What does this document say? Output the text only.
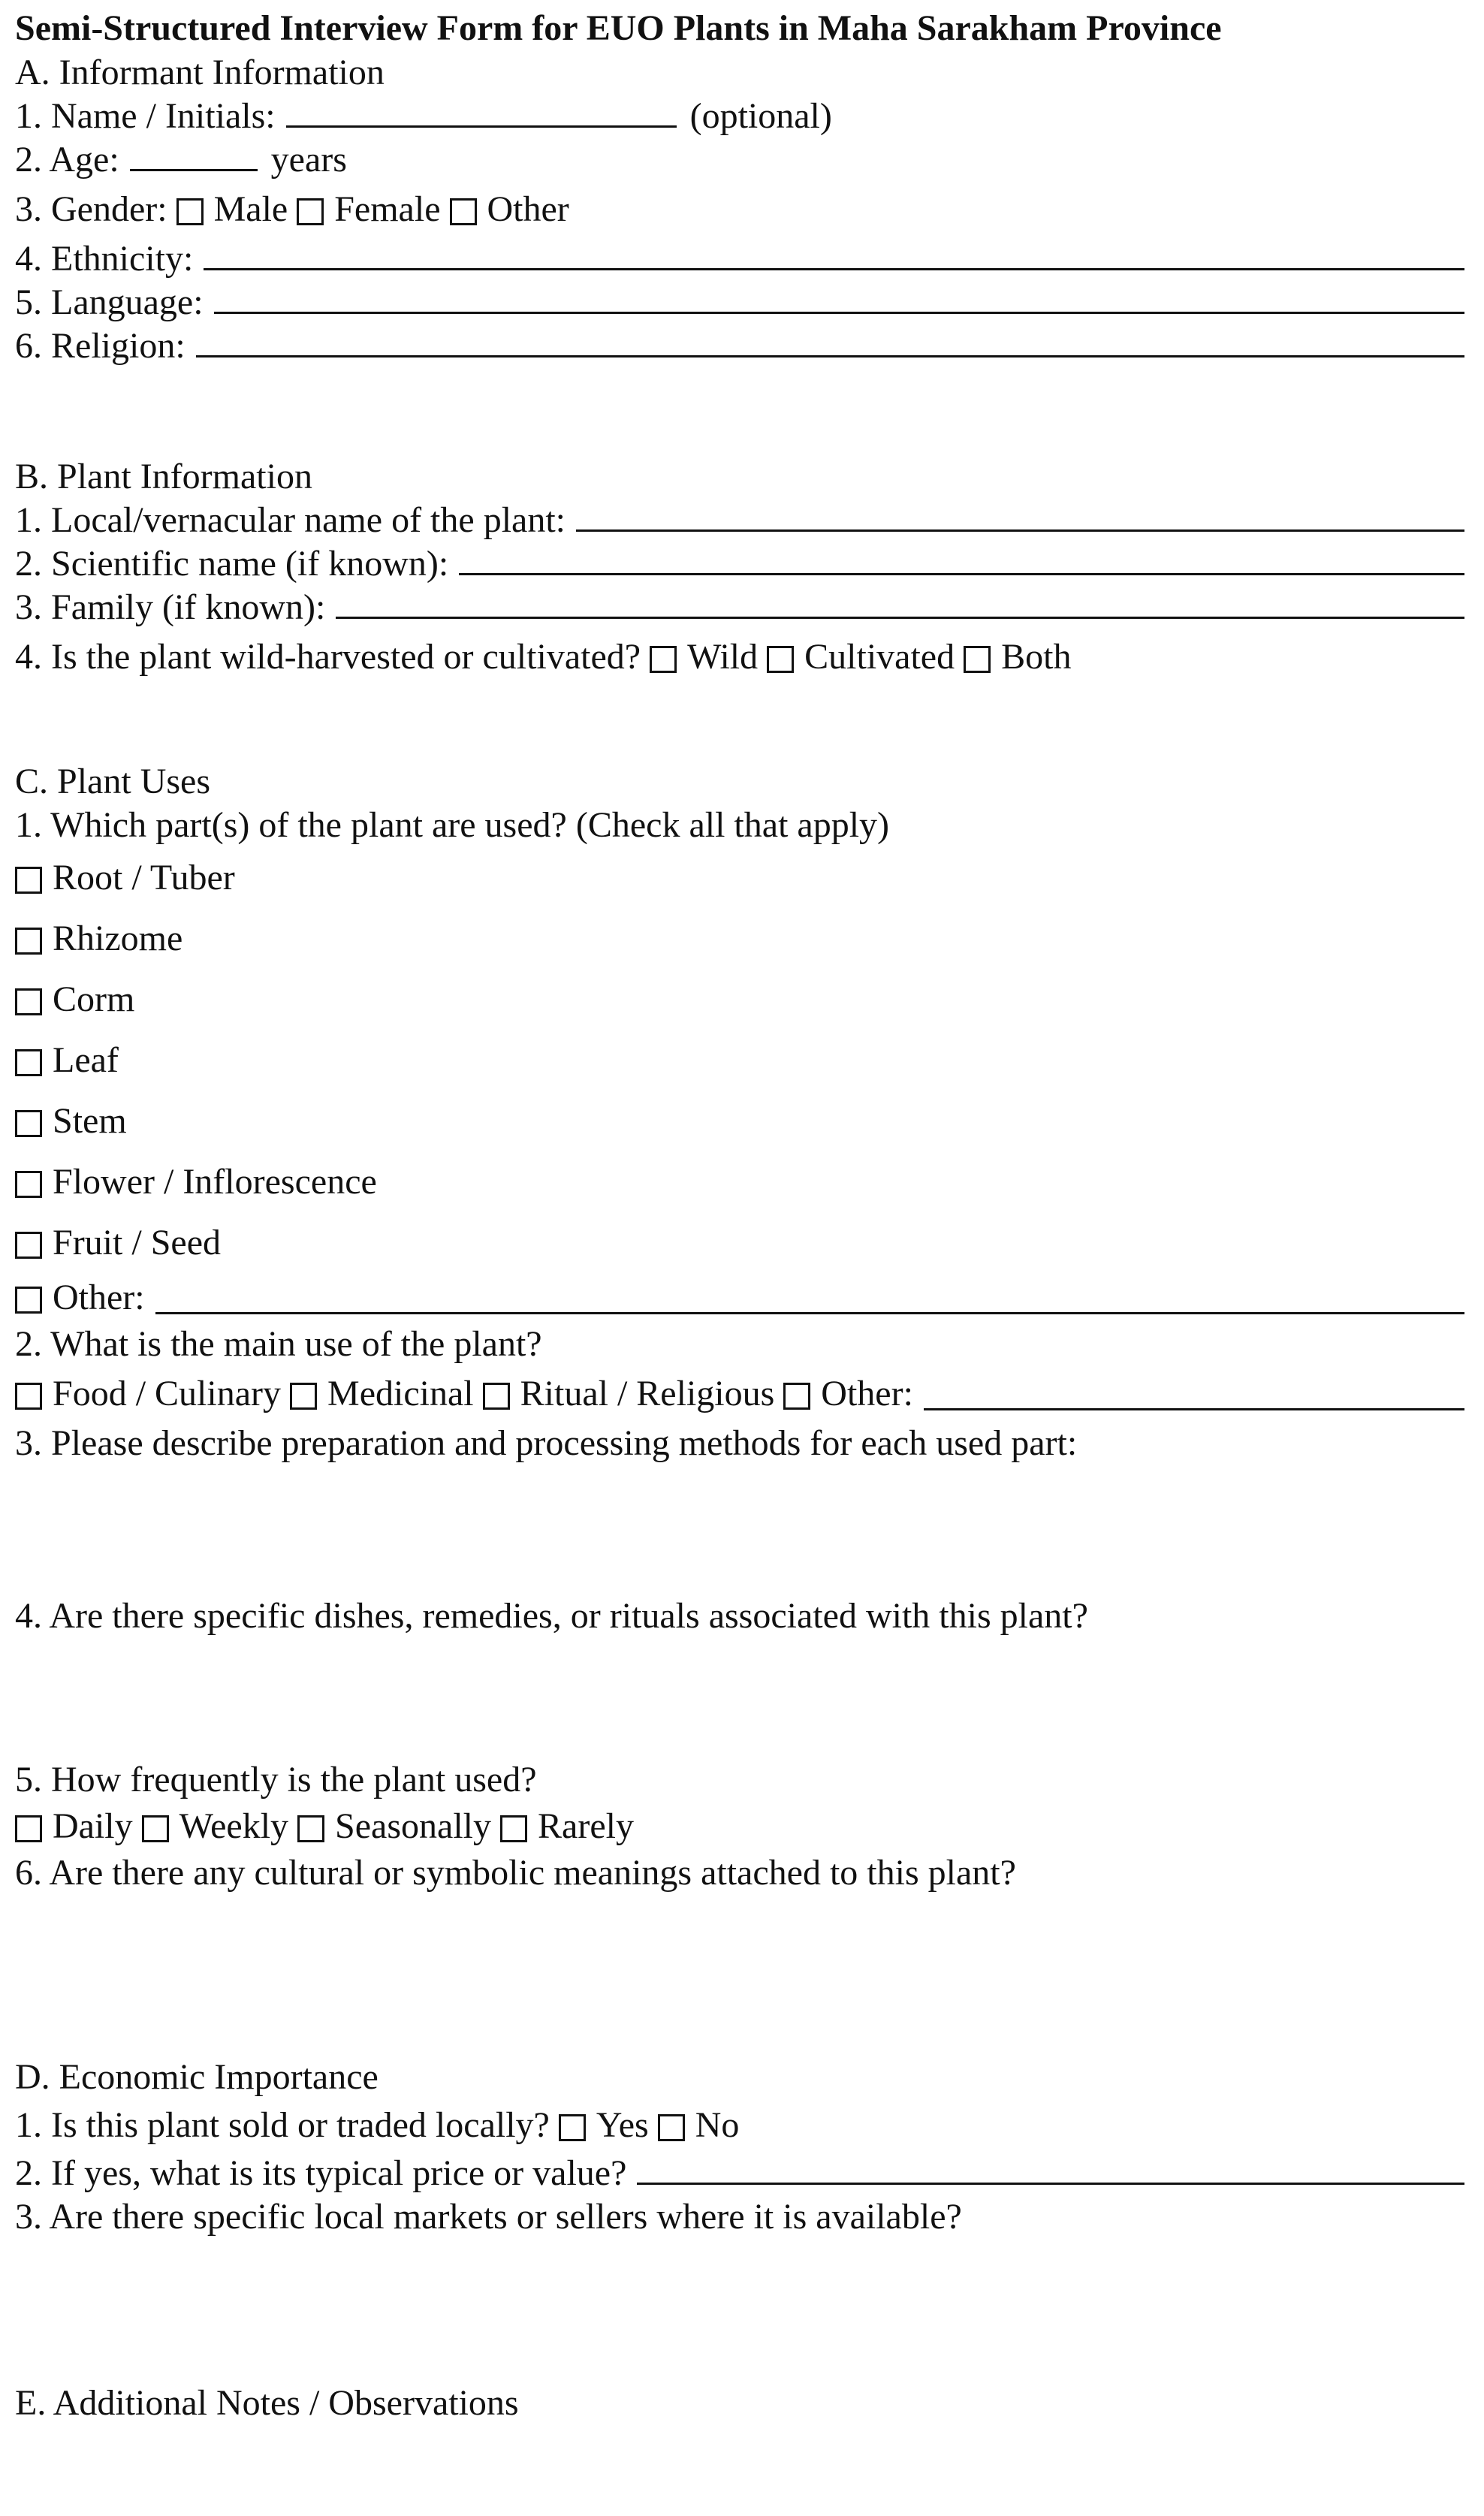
Semi-Structured Interview Form for EUO Plants in Maha Sarakham Province
A. Informant Information
1. Name / Initials:	(optional)
2. Age:	years
3. Gender: Male Female Other
4. Ethnicity:
5. Language:
6. Religion:
B. Plant Information
1. Local/vernacular name of the plant:
2. Scientific name (if known):
3. Family (if known):
4. Is the plant wild-harvested or cultivated? Wild Cultivated Both
C. Plant Uses
1. Which part(s) of the plant are used? (Check all that apply)
Root / Tuber
Rhizome
Corm
Leaf
Stem
Flower / Inflorescence
Fruit / Seed
Other:
2. What is the main use of the plant?
Food / Culinary Medicinal Ritual / Religious Other:
3. Please describe preparation and processing methods for each used part:
4. Are there specific dishes, remedies, or rituals associated with this plant?
5. How frequently is the plant used?
Daily Weekly Seasonally Rarely
6. Are there any cultural or symbolic meanings attached to this plant?
D. Economic Importance
1. Is this plant sold or traded locally? Yes No
2. If yes, what is its typical price or value?
3. Are there specific local markets or sellers where it is available?
E. Additional Notes / Observations
